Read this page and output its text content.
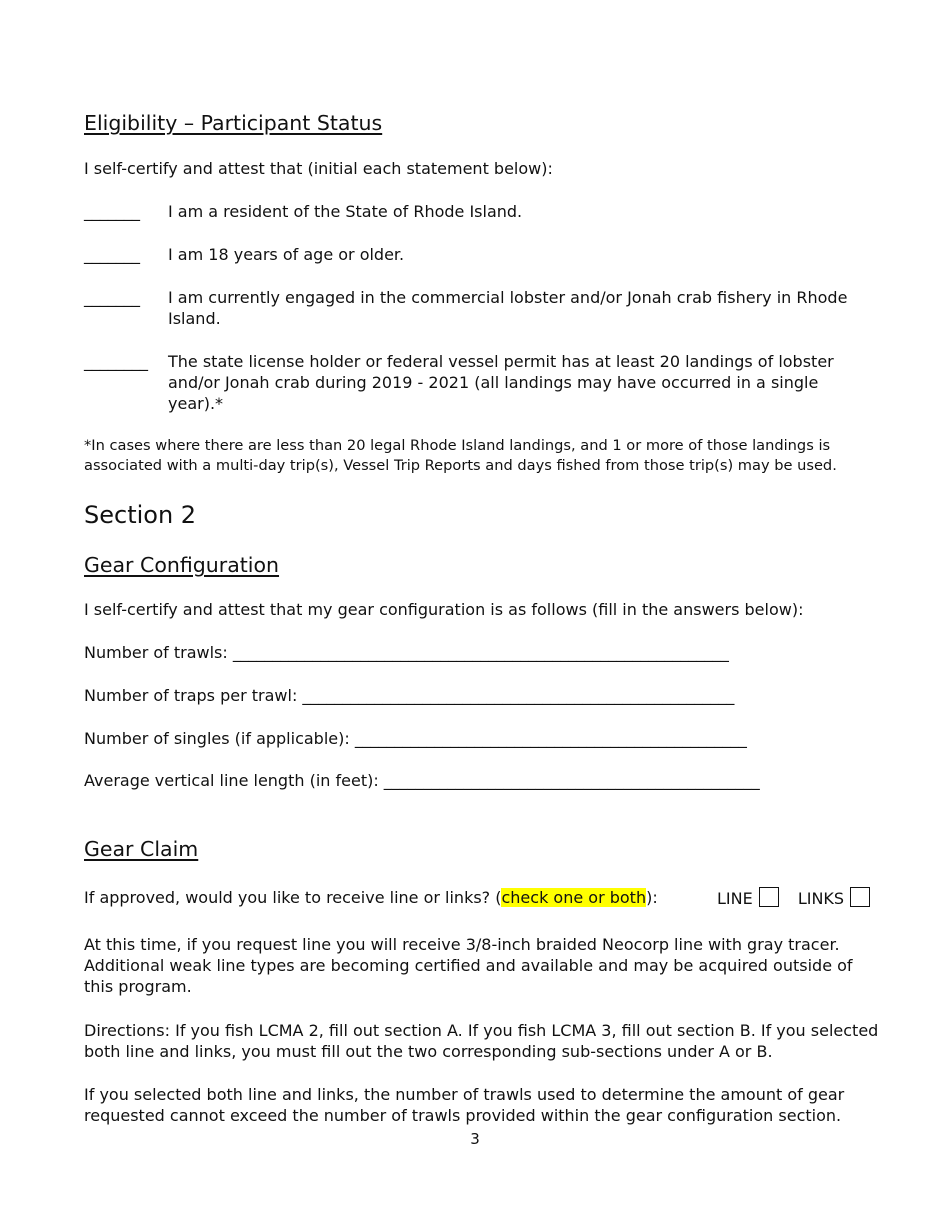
Eligibility – Participant Status
I self-certify and attest that (initial each statement below):
_______ I am a resident of the State of Rhode Island.
_______ I am 18 years of age or older.
_______ I am currently engaged in the commercial lobster and/or Jonah crab fishery in Rhode Island.
________ The state license holder or federal vessel permit has at least 20 landings of lobster and/or Jonah crab during 2019 - 2021 (all landings may have occurred in a single year).*
*In cases where there are less than 20 legal Rhode Island landings, and 1 or more of those landings is associated with a multi-day trip(s), Vessel Trip Reports and days fished from those trip(s) may be used.
Section 2
Gear Configuration
I self-certify and attest that my gear configuration is as follows (fill in the answers below):
Number of trawls: ______________________________________________________________
Number of traps per trawl: ______________________________________________________
Number of singles (if applicable): _________________________________________________
Average vertical line length (in feet): _______________________________________________
Gear Claim
If approved, would you like to receive line or links? (check one or both):	LINE	LINKS
At this time, if you request line you will receive 3/8-inch braided Neocorp line with gray tracer. Additional weak line types are becoming certified and available and may be acquired outside of this program.
Directions: If you fish LCMA 2, fill out section A. If you fish LCMA 3, fill out section B. If you selected both line and links, you must fill out the two corresponding sub-sections under A or B.
If you selected both line and links, the number of trawls used to determine the amount of gear requested cannot exceed the number of trawls provided within the gear configuration section.
3
